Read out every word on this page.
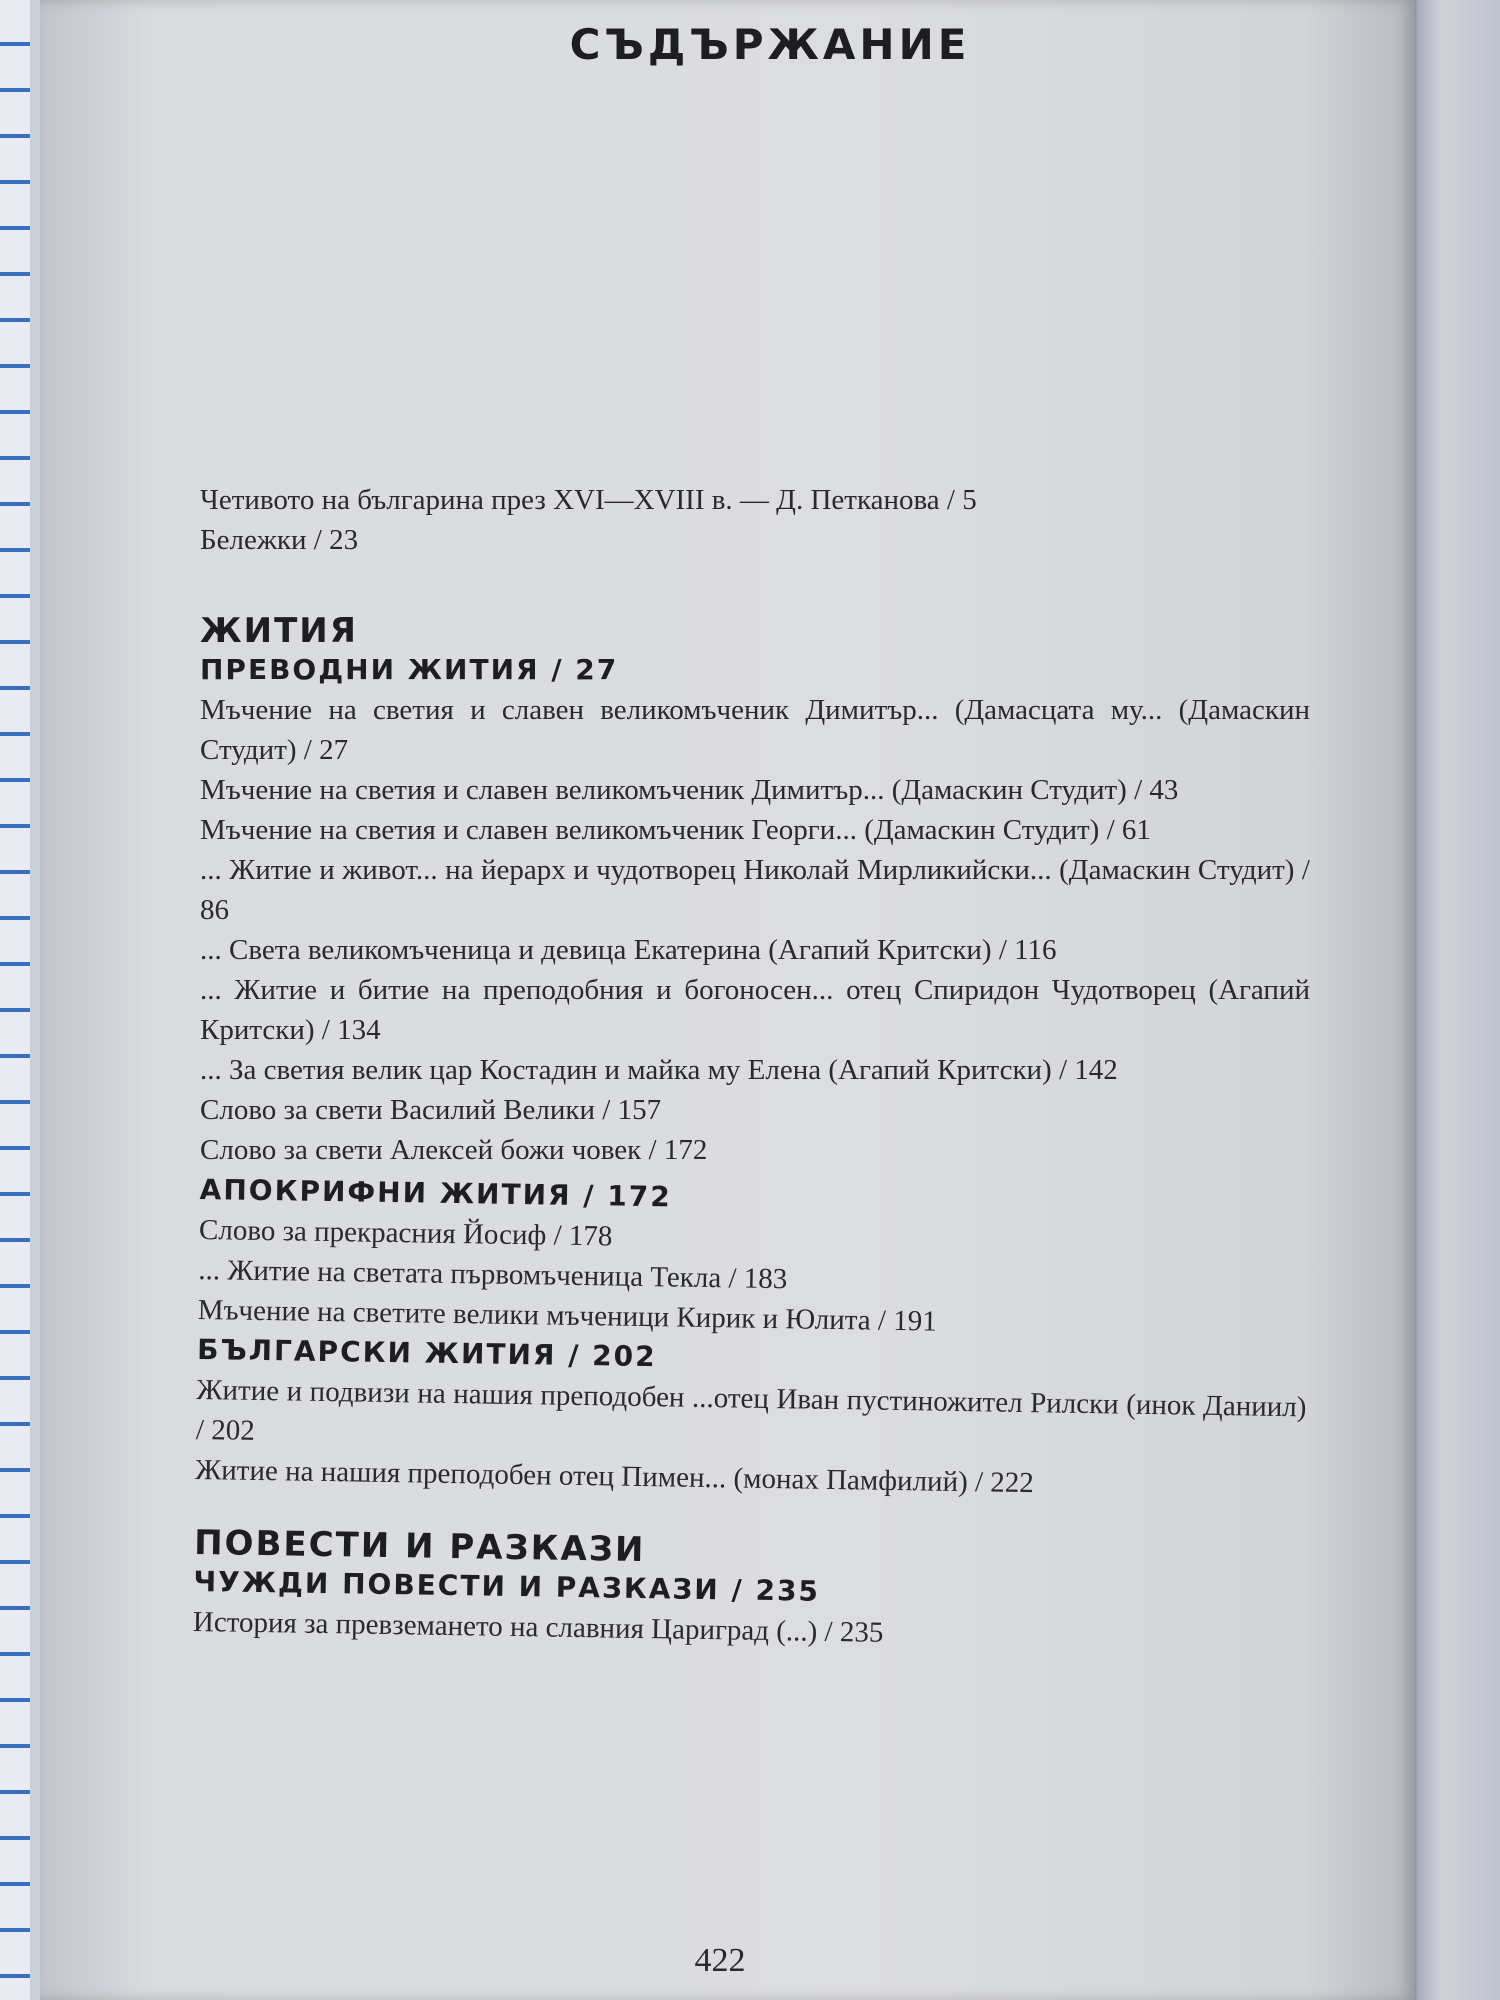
СЪДЪРЖАНИЕ

Четивото на българина през XVI—XVIII в. — Д. Петканова / 5

Бележки / 23

ЖИТИЯ
ПРЕВОДНИ ЖИТИЯ / 27

Мъчение на светия и славен великомъченик Димитър... (Дамасцата му... (Дамаскин Студит) / 27

Мъчение на светия и славен великомъченик Димитър... (Дамаскин Студит) / 43

Мъчение на светия и славен великомъченик Георги... (Дамаскин Студит) / 61

... Житие и живот... на йерарх и чудотворец Николай Мирликийски... (Дамаскин Студит) / 86

... Света великомъченица и девица Екатерина (Агапий Критски) / 116

... Житие и битие на преподобния и богоносен... отец Спиридон Чудотворец (Агапий Критски) / 134

... За светия велик цар Костадин и майка му Елена (Агапий Критски) / 142

Слово за свети Василий Велики / 157

Слово за свети Алексей божи човек / 172

АПОКРИФНИ ЖИТИЯ / 172

Слово за прекрасния Йосиф / 178

... Житие на светата първомъченица Текла / 183

Мъчение на светите велики мъченици Кирик и Юлита / 191

БЪЛГАРСКИ ЖИТИЯ / 202

Житие и подвизи на нашия преподобен ...отец Иван пустиножител Рилски (инок Даниил) / 202

Житие на нашия преподобен отец Пимен... (монах Памфилий) / 222

ПОВЕСТИ И РАЗКАЗИ
ЧУЖДИ ПОВЕСТИ И РАЗКАЗИ / 235

История за превземането на славния Цариград (...) / 235

422
